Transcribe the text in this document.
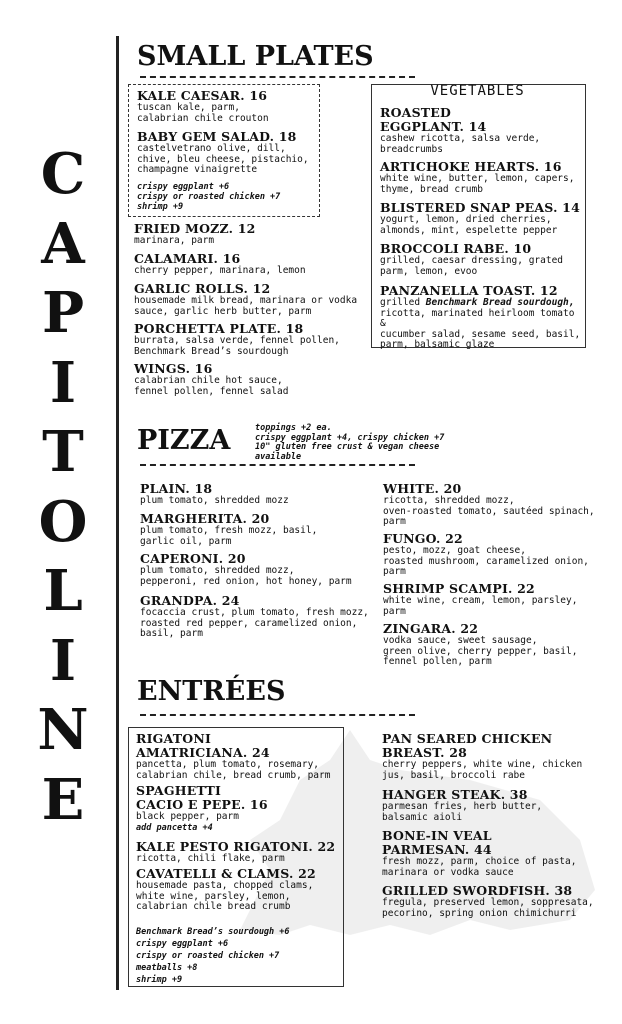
C
A
P
I
T
O
L
I
N
E
SMALL PLATES
KALE CAESAR. 16
tuscan kale, parm,
calabrian chile crouton
BABY GEM SALAD. 18
castelvetrano olive, dill,
chive, bleu cheese, pistachio,
champagne vinaigrette
crispy eggplant +6
crispy or roasted chicken +7
shrimp +9
FRIED MOZZ. 12
marinara, parm
CALAMARI. 16
cherry pepper, marinara, lemon
GARLIC ROLLS. 12
housemade milk bread, marinara or vodka
sauce, garlic herb butter, parm
PORCHETTA PLATE. 18
burrata, salsa verde, fennel pollen,
Benchmark Bread’s sourdough
WINGS. 16
calabrian chile hot sauce,
fennel pollen, fennel salad
VEGETABLES
ROASTED
EGGPLANT. 14
cashew ricotta, salsa verde,
breadcrumbs
ARTICHOKE HEARTS. 16
white wine, butter, lemon, capers,
thyme, bread crumb
BLISTERED SNAP PEAS. 14
yogurt, lemon, dried cherries,
almonds, mint, espelette pepper
BROCCOLI RABE. 10
grilled, caesar dressing, grated
parm, lemon, evoo
PANZANELLA TOAST. 12
grilled Benchmark Bread sourdough,
ricotta, marinated heirloom tomato &
cucumber salad, sesame seed, basil,
parm, balsamic glaze
PIZZA	toppings +2 ea.
crispy eggplant +4, crispy chicken +7
10" gluten free crust & vegan cheese
available
PLAIN. 18
plum tomato, shredded mozz
MARGHERITA. 20
plum tomato, fresh mozz, basil,
garlic oil, parm
CAPERONI. 20
plum tomato, shredded mozz,
pepperoni, red onion, hot honey, parm
GRANDPA. 24
focaccia crust, plum tomato, fresh mozz,
roasted red pepper, caramelized onion,
basil, parm
WHITE. 20
ricotta, shredded mozz,
oven-roasted tomato, sautéed spinach,
parm
FUNGO. 22
pesto, mozz, goat cheese,
roasted mushroom, caramelized onion,
parm
SHRIMP SCAMPI. 22
white wine, cream, lemon, parsley,
parm
ZINGARA. 22
vodka sauce, sweet sausage,
green olive, cherry pepper, basil,
fennel pollen, parm
ENTRÉES
RIGATONI
AMATRICIANA. 24
pancetta, plum tomato, rosemary,
calabrian chile, bread crumb, parm
SPAGHETTI
CACIO E PEPE. 16
black pepper, parm
add pancetta +4
KALE PESTO RIGATONI. 22
ricotta, chili flake, parm
CAVATELLI & CLAMS. 22
housemade pasta, chopped clams,
white wine, parsley, lemon,
calabrian chile bread crumb
Benchmark Bread’s sourdough +6
crispy eggplant +6
crispy or roasted chicken +7
meatballs +8
shrimp +9
PAN SEARED CHICKEN
BREAST. 28
cherry peppers, white wine, chicken
jus, basil, broccoli rabe
HANGER STEAK. 38
parmesan fries, herb butter,
balsamic aioli
BONE-IN VEAL
PARMESAN. 44
fresh mozz, parm, choice of pasta,
marinara or vodka sauce
GRILLED SWORDFISH. 38
fregula, preserved lemon, soppresata,
pecorino, spring onion chimichurri
